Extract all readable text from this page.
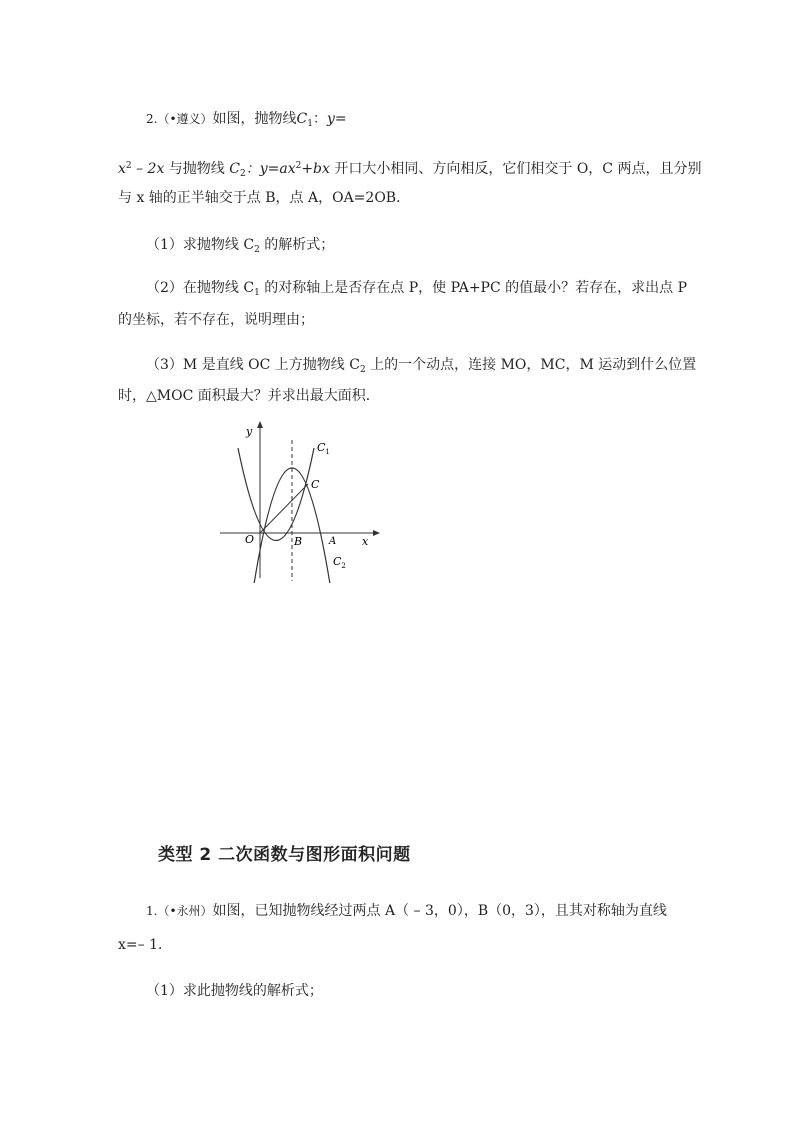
2.（•遵义）如图，抛物线$C_1$：y=
$x^2 - 2x$ 与抛物线 $C_2$：$y=ax^2+bx$ 开口大小相同、方向相反，它们相交于 O，C 两点，且分别
与 x 轴的正半轴交于点 B，点 A，OA=2OB．
（1）求抛物线 $C_2$ 的解析式；
（2）在抛物线 $C_1$ 的对称轴上是否存在点 P，使 PA+PC 的值最小？若存在，求出点 P
的坐标，若不存在，说明理由；
（3）M 是直线 OC 上方抛物线 $C_2$ 上的一个动点，连接 MO，MC，M 运动到什么位置
时，△MOC 面积最大？并求出最大面积．
y
x
O	B	A
C
$C_1$
$C_2$
类型 2 二次函数与图形面积问题
1.（•永州）如图，已知抛物线经过两点 A（ – 3，0），B（0，3），且其对称轴为直线
x=– 1．
（1）求此抛物线的解析式；
